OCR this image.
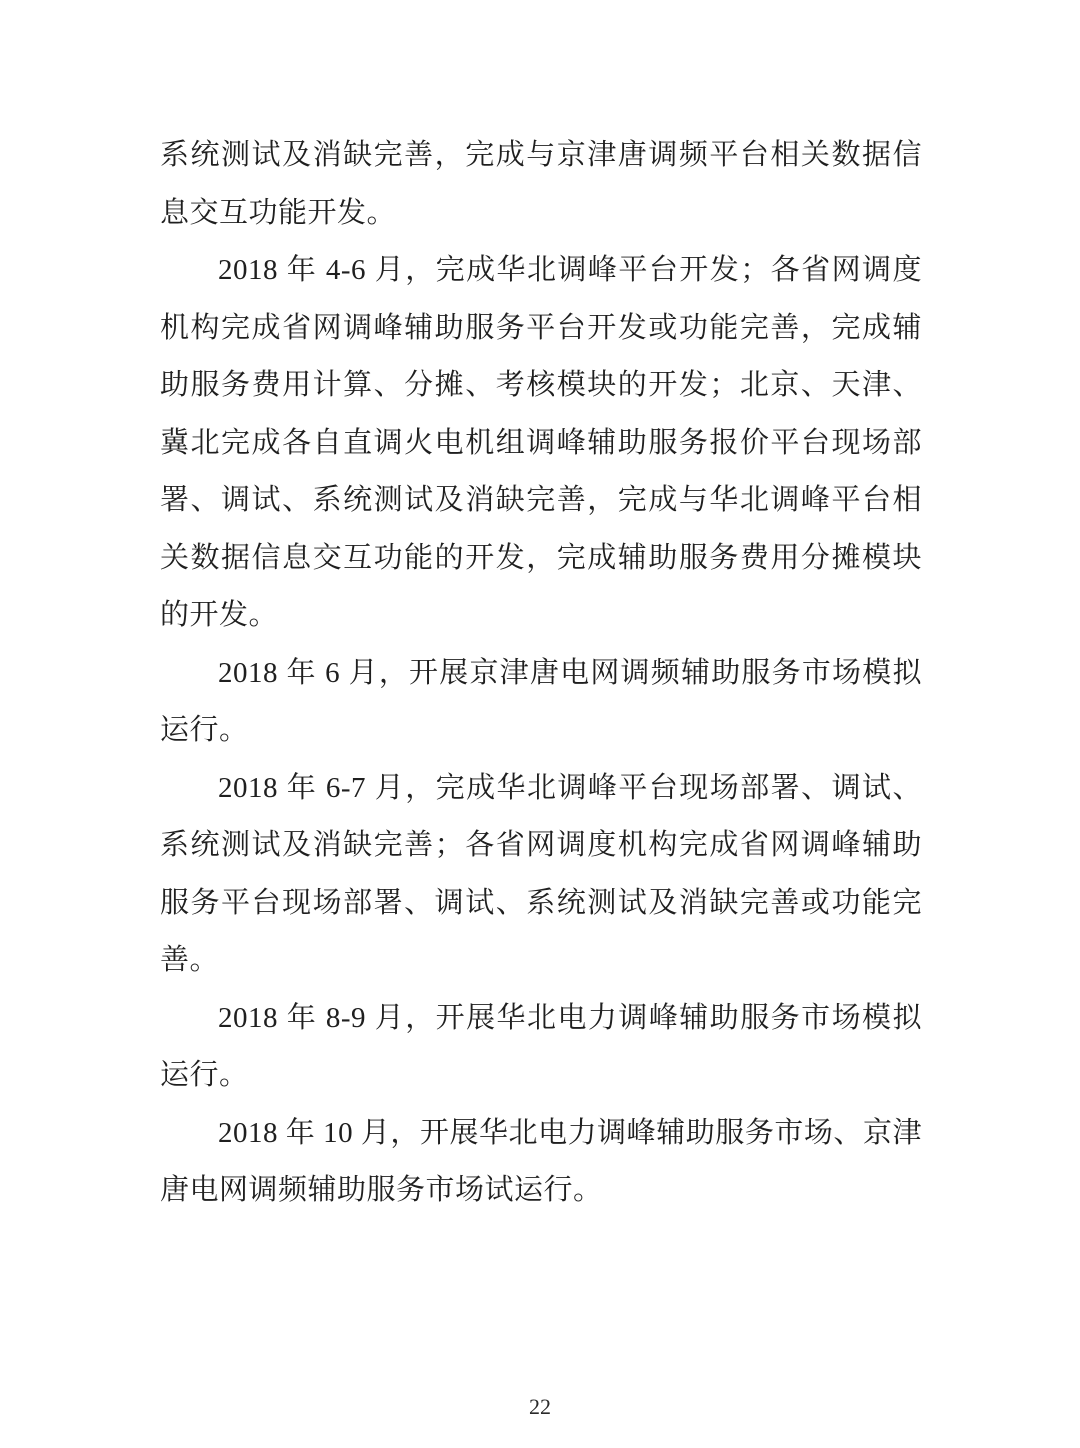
系统测试及消缺完善，完成与京津唐调频平台相关数据信息交互功能开发。

2018 年 4-6 月，完成华北调峰平台开发；各省网调度机构完成省网调峰辅助服务平台开发或功能完善，完成辅助服务费用计算、分摊、考核模块的开发；北京、天津、冀北完成各自直调火电机组调峰辅助服务报价平台现场部署、调试、系统测试及消缺完善，完成与华北调峰平台相关数据信息交互功能的开发，完成辅助服务费用分摊模块的开发。

2018 年 6 月，开展京津唐电网调频辅助服务市场模拟运行。

2018 年 6-7 月，完成华北调峰平台现场部署、调试、系统测试及消缺完善；各省网调度机构完成省网调峰辅助服务平台现场部署、调试、系统测试及消缺完善或功能完善。

2018 年 8-9 月，开展华北电力调峰辅助服务市场模拟运行。

2018 年 10 月，开展华北电力调峰辅助服务市场、京津唐电网调频辅助服务市场试运行。

22
